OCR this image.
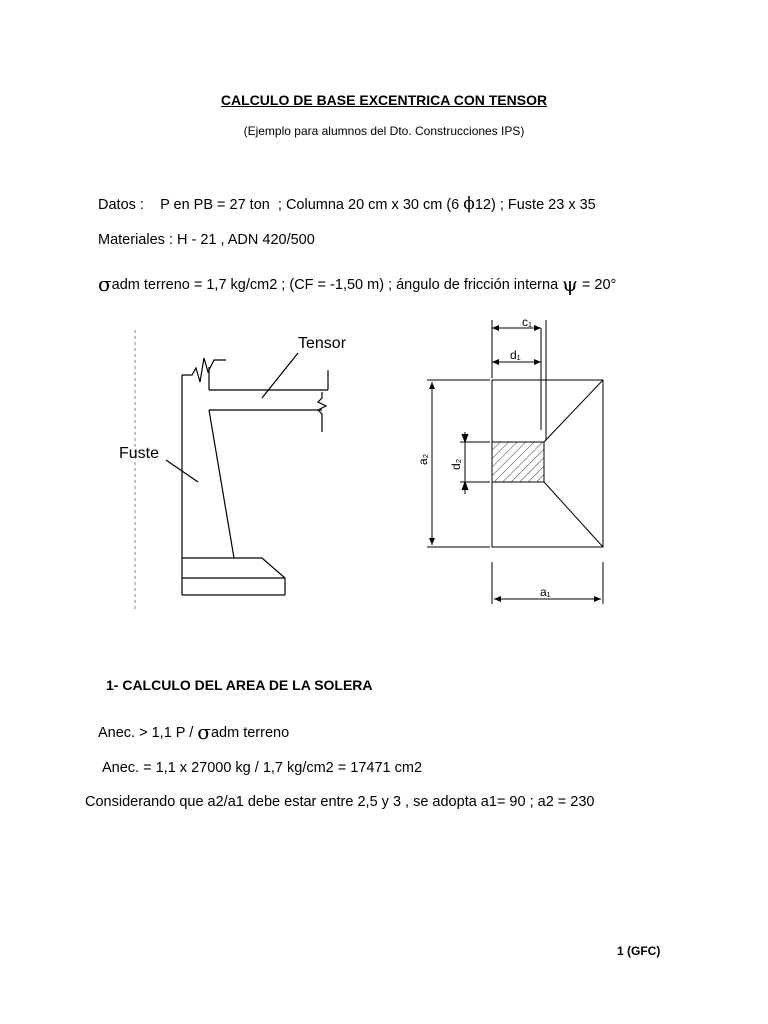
CALCULO DE BASE EXCENTRICA CON TENSOR
(Ejemplo para alumnos del Dto. Construcciones IPS)
Datos : P en PB = 27 ton ; Columna 20 cm x 30 cm (6 ϕ12) ; Fuste 23 x 35
Materiales : H - 21 , ADN 420/500
σadm terreno = 1,7 kg/cm2 ; (CF = -1,50 m) ; ángulo de fricción interna ψ = 20°
Tensor
Fuste
c₁
d₁
a₂ d₂
a₁
1- CALCULO DEL AREA DE LA SOLERA
Anec. > 1,1 P / σadm terreno
Anec. = 1,1 x 27000 kg / 1,7 kg/cm2 = 17471 cm2
Considerando que a2/a1 debe estar entre 2,5 y 3 , se adopta a1= 90 ; a2 = 230
1 (GFC)
